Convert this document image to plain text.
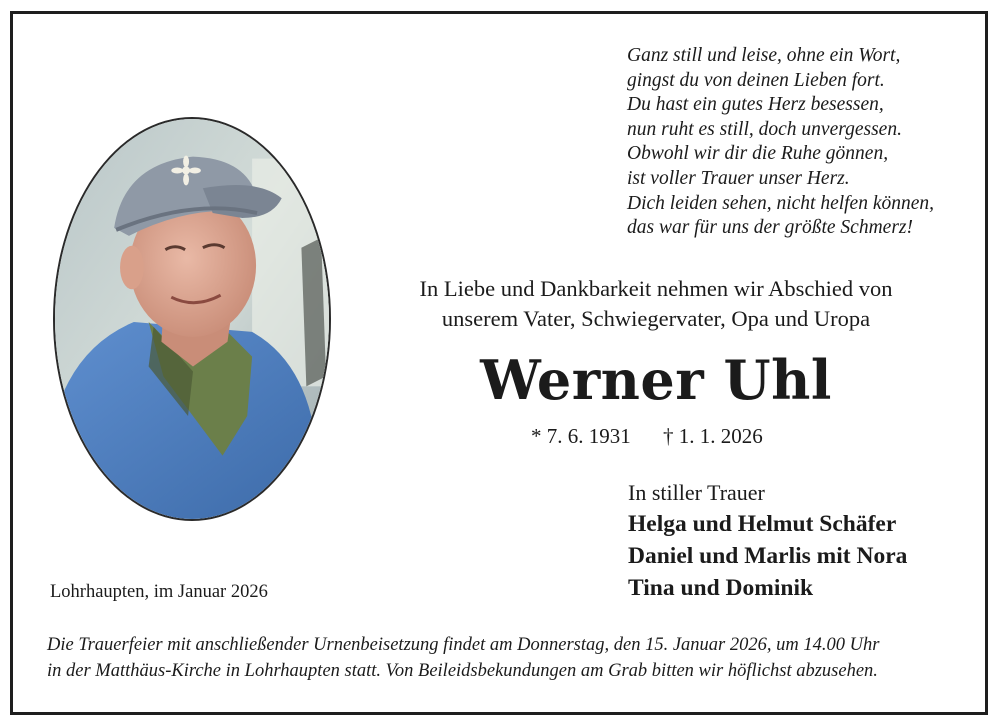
Ganz still und leise, ohne ein Wort,
gingst du von deinen Lieben fort.
Du hast ein gutes Herz besessen,
nun ruht es still, doch unvergessen.
Obwohl wir dir die Ruhe gönnen,
ist voller Trauer unser Herz.
Dich leiden sehen, nicht helfen können,
das war für uns der größte Schmerz!
In Liebe und Dankbarkeit nehmen wir Abschied von
unserem Vater, Schwiegervater, Opa und Uropa
Werner Uhl
* 7. 6. 1931 † 1. 1. 2026
In stiller Trauer
Helga und Helmut Schäfer
Daniel und Marlis mit Nora
Tina und Dominik
Lohrhaupten, im Januar 2026
Die Trauerfeier mit anschließender Urnenbeisetzung findet am Donnerstag, den 15. Januar 2026, um 14.00 Uhr
in der Matthäus-Kirche in Lohrhaupten statt. Von Beileidsbekundungen am Grab bitten wir höflichst abzusehen.
